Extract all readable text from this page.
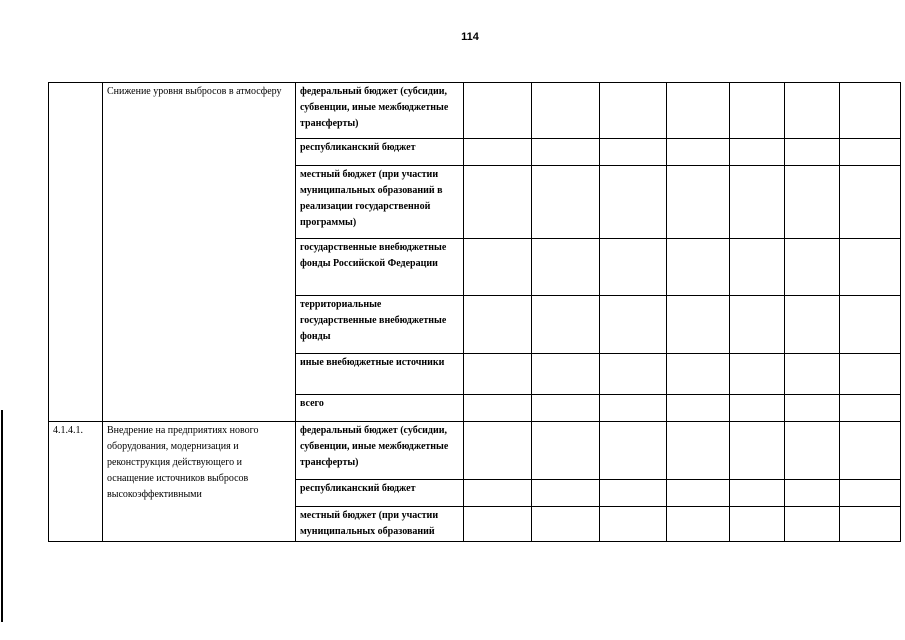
114
	Снижение уровня выбросов в атмосферу	федеральный бюджет (субсидии, субвенции, иные межбюджетные трансферты)							
		республиканский бюджет							
		местный бюджет (при участии муниципальных образований в реализации государственной программы)							
		государственные внебюджетные фонды Российской Федерации							
		территориальные государственные внебюджетные фонды							
		иные внебюджетные источники							
		всего							
4.1.4.1.	Внедрение на предприятиях нового оборудования, модернизация и реконструкция действующего и оснащение источников выбросов высокоэффективными	федеральный бюджет (субсидии, субвенции, иные межбюджетные трансферты)							
		республиканский бюджет							
		местный бюджет (при участии муниципальных образований							
